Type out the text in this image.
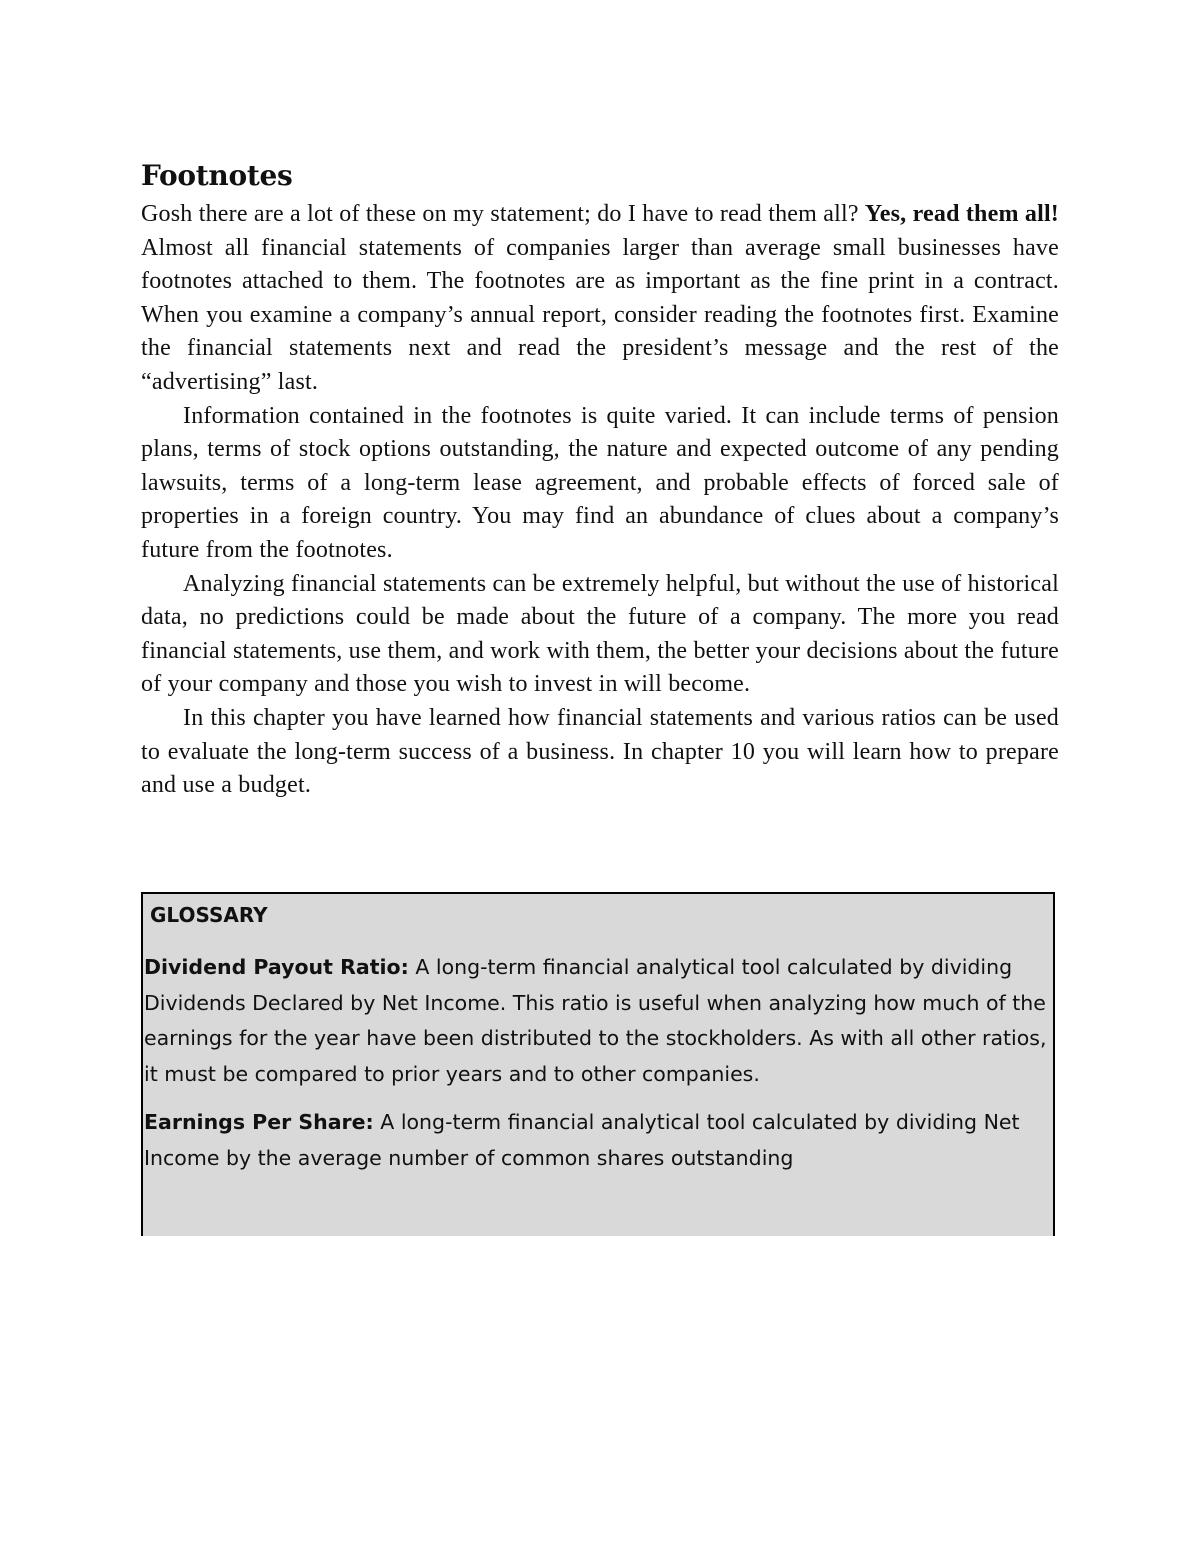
Footnotes

Gosh there are a lot of these on my statement; do I have to read them all? Yes, read them all! Almost all financial statements of companies larger than average small businesses have footnotes attached to them. The footnotes are as important as the fine print in a contract. When you examine a company’s annual report, consider reading the footnotes first. Examine the financial statements next and read the president’s message and the rest of the “advertising” last.

Information contained in the footnotes is quite varied. It can include terms of pension plans, terms of stock options outstanding, the nature and expected outcome of any pending lawsuits, terms of a long-term lease agreement, and probable effects of forced sale of properties in a foreign country. You may find an abundance of clues about a company’s future from the footnotes.

Analyzing financial statements can be extremely helpful, but without the use of historical data, no predictions could be made about the future of a company. The more you read financial statements, use them, and work with them, the better your decisions about the future of your company and those you wish to invest in will become.

In this chapter you have learned how financial statements and various ratios can be used to evaluate the long-term success of a business. In chapter 10 you will learn how to prepare and use a budget.

GLOSSARY

Dividend Payout Ratio: A long-term financial analytical tool calculated by dividing Dividends Declared by Net Income. This ratio is useful when analyzing how much of the earnings for the year have been distributed to the stockholders. As with all other ratios, it must be compared to prior years and to other companies.

Earnings Per Share: A long-term financial analytical tool calculated by dividing Net Income by the average number of common shares outstanding
